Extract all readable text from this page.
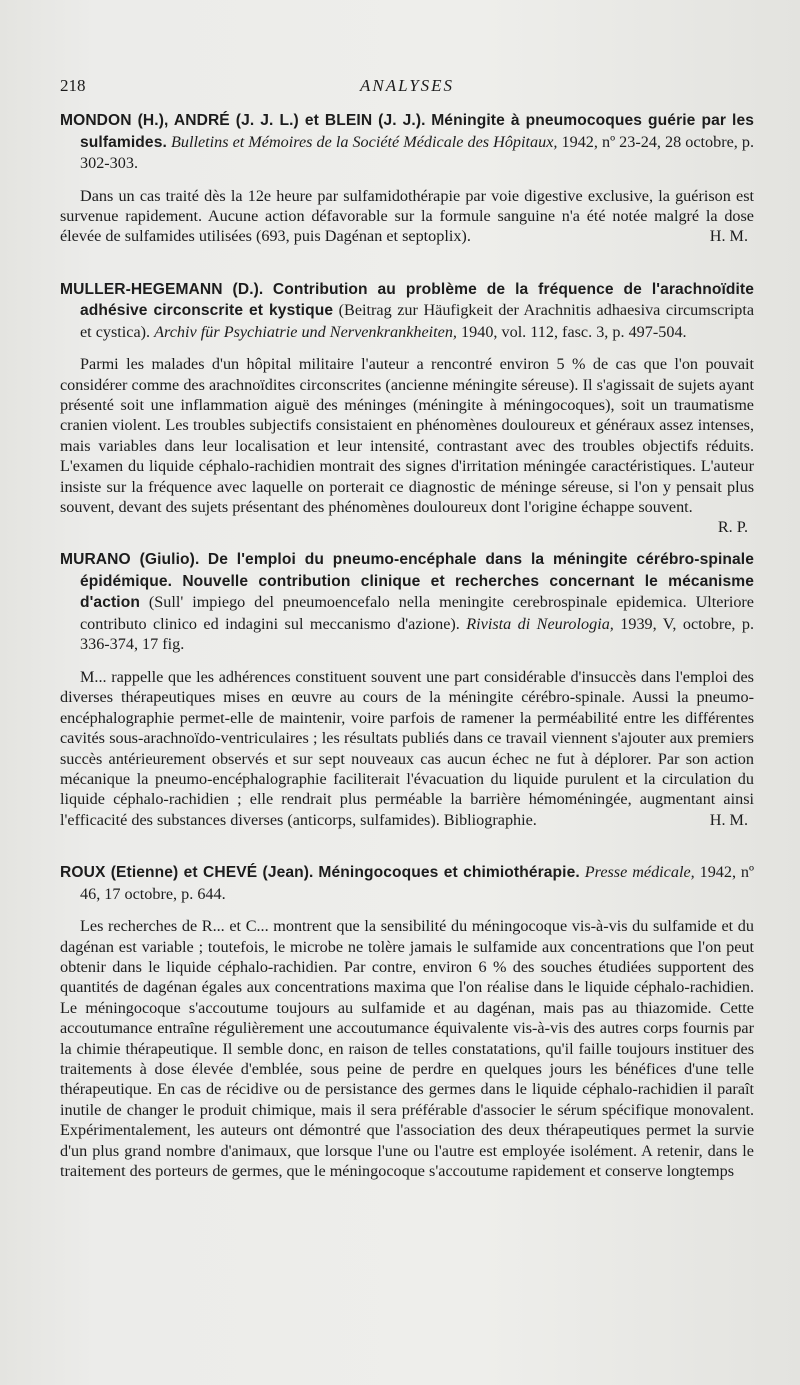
218	ANALYSES

MONDON (H.), ANDRÉ (J. J. L.) et BLEIN (J. J.). Méningite à pneumocoques guérie par les sulfamides. Bulletins et Mémoires de la Société Médicale des Hôpitaux, 1942, nº 23-24, 28 octobre, p. 302-303.

Dans un cas traité dès la 12e heure par sulfamidothérapie par voie digestive exclusive, la guérison est survenue rapidement. Aucune action défavorable sur la formule sanguine n'a été notée malgré la dose élevée de sulfamides utilisées (693, puis Dagénan et septoplix).	H. M.

MULLER-HEGEMANN (D.). Contribution au problème de la fréquence de l'arachnoïdite adhésive circonscrite et kystique (Beitrag zur Häufigkeit der Arachnitis adhaesiva circumscripta et cystica). Archiv für Psychiatrie und Nervenkrankheiten, 1940, vol. 112, fasc. 3, p. 497-504.

Parmi les malades d'un hôpital militaire l'auteur a rencontré environ 5 % de cas que l'on pouvait considérer comme des arachnoïdites circonscrites (ancienne méningite séreuse). Il s'agissait de sujets ayant présenté soit une inflammation aiguë des méninges (méningite à méningocoques), soit un traumatisme cranien violent. Les troubles subjectifs consistaient en phénomènes douloureux et généraux assez intenses, mais variables dans leur localisation et leur intensité, contrastant avec des troubles objectifs réduits. L'examen du liquide céphalo-rachidien montrait des signes d'irritation méningée caractéristiques. L'auteur insiste sur la fréquence avec laquelle on porterait ce diagnostic de méninge séreuse, si l'on y pensait plus souvent, devant des sujets présentant des phénomènes douloureux dont l'origine échappe souvent.
R. P.

MURANO (Giulio). De l'emploi du pneumo-encéphale dans la méningite cérébro-spinale épidémique. Nouvelle contribution clinique et recherches concernant le mécanisme d'action (Sull' impiego del pneumoencefalo nella meningite cerebrospinale epidemica. Ulteriore contributo clinico ed indagini sul meccanismo d'azione). Rivista di Neurologia, 1939, V, octobre, p. 336-374, 17 fig.

M... rappelle que les adhérences constituent souvent une part considérable d'insuccès dans l'emploi des diverses thérapeutiques mises en œuvre au cours de la méningite cérébro-spinale. Aussi la pneumo-encéphalographie permet-elle de maintenir, voire parfois de ramener la perméabilité entre les différentes cavités sous-arachnoïdo-ventriculaires ; les résultats publiés dans ce travail viennent s'ajouter aux premiers succès antérieurement observés et sur sept nouveaux cas aucun échec ne fut à déplorer. Par son action mécanique la pneumo-encéphalographie faciliterait l'évacuation du liquide purulent et la circulation du liquide céphalo-rachidien ; elle rendrait plus perméable la barrière hémoméningée, augmentant ainsi l'efficacité des substances diverses (anticorps, sulfamides). Bibliographie.	H. M.

ROUX (Etienne) et CHEVÉ (Jean). Méningocoques et chimiothérapie. Presse médicale, 1942, nº 46, 17 octobre, p. 644.

Les recherches de R... et C... montrent que la sensibilité du méningocoque vis-à-vis du sulfamide et du dagénan est variable ; toutefois, le microbe ne tolère jamais le sulfamide aux concentrations que l'on peut obtenir dans le liquide céphalo-rachidien. Par contre, environ 6 % des souches étudiées supportent des quantités de dagénan égales aux concentrations maxima que l'on réalise dans le liquide céphalo-rachidien. Le méningocoque s'accoutume toujours au sulfamide et au dagénan, mais pas au thiazomide. Cette accoutumance entraîne régulièrement une accoutumance équivalente vis-à-vis des autres corps fournis par la chimie thérapeutique. Il semble donc, en raison de telles constatations, qu'il faille toujours instituer des traitements à dose élevée d'emblée, sous peine de perdre en quelques jours les bénéfices d'une telle thérapeutique. En cas de récidive ou de persistance des germes dans le liquide céphalo-rachidien il paraît inutile de changer le produit chimique, mais il sera préférable d'associer le sérum spécifique monovalent. Expérimentalement, les auteurs ont démontré que l'association des deux thérapeutiques permet la survie d'un plus grand nombre d'animaux, que lorsque l'une ou l'autre est employée isolément. A retenir, dans le traitement des porteurs de germes, que le méningocoque s'accoutume rapidement et conserve longtemps
